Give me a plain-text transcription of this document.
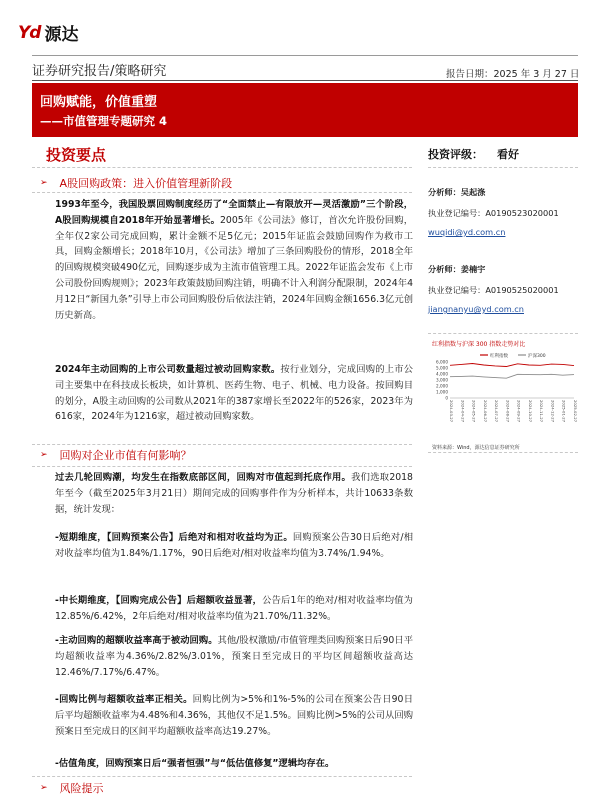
Yd 源达
证券研究报告/策略研究	报告日期：2025 年 3 月 27 日
回购赋能，价值重塑
——市值管理专题研究 4
投资要点	投资评级： 看好
➢ A股回购政策：进入价值管理新阶段
1993年至今，我国股票回购制度经历了“全面禁止—有限放开—灵活激励”三个阶段，A股回购规模自2018年开始显著增长。2005年《公司法》修订，首次允许股份回购，全年仅2家公司完成回购，累计金额不足5亿元；2015年证监会鼓励回购作为救市工具，回购金额增长；2018年10月，《公司法》增加了三条回购股份的情形，2018全年的回购规模突破490亿元，回购逐步成为主流市值管理工具。2022年证监会发布《上市公司股份回购规则》；2023年政策鼓励回购注销，明确不计入利润分配限制，2024年4月12日“新国九条”引导上市公司回购股份后依法注销，2024年回购金额1656.3亿元创历史新高。
2024年主动回购的上市公司数量超过被动回购家数。按行业划分，完成回购的上市公司主要集中在科技成长板块，如计算机、医药生物、电子、机械、电力设备。按回购目的划分，A股主动回购的公司数从2021年的387家增长至2022年的526家，2023年为616家，2024年为1216家，超过被动回购家数。
➢ 回购对企业市值有何影响？
过去几轮回购潮，均发生在指数底部区间，回购对市值起到托底作用。我们选取2018年至今（截至2025年3月21日）期间完成的回购事件作为分析样本，共计10633条数据，统计发现：
-短期维度，【回购预案公告】后绝对和相对收益均为正。回购预案公告30日后绝对/相对收益率均值为1.84%/1.17%，90日后绝对/相对收益率均值为3.74%/1.94%。
-中长期维度，【回购完成公告】后超额收益显著，公告后1年的绝对/相对收益率均值为12.85%/6.42%，2年后绝对/相对收益率均值为21.70%/11.32%。
-主动回购的超额收益率高于被动回购。其他/股权激励/市值管理类回购预案日后90日平均超额收益率为4.36%/2.82%/3.01%，预案日至完成日的平均区间超额收益高达12.46%/7.17%/6.47%。
-回购比例与超额收益率正相关。回购比例为>5%和1%-5%的公司在预案公告日90日后平均超额收益率为4.48%和4.36%，其他仅不足1.5%。回购比例>5%的公司从回购预案日至完成日的区间平均超额收益率高达19.27%。
-估值角度，回购预案日后“强者恒强”与“低估值修复”逻辑均存在。
➢ 风险提示
分析师：吴起涤
执业登记编号：A0190523020001
wuqidi@yd.com.cn
分析师：姜楠宇
执业登记编号：A0190525020001
jiangnanyu@yd.com.cn
红利指数与沪深 300 指数走势对比
红利指数	沪深300
6,000
5,000
4,000
3,000
2,000
1,000
0
2024-03-27 2024-04-27 2024-05-27 2024-06-27 2024-07-27 2024-08-27 2024-09-27 2024-10-27 2024-11-27 2024-12-27 2025-01-27 2025-02-27
资料来源：Wind，源达信息证券研究所
